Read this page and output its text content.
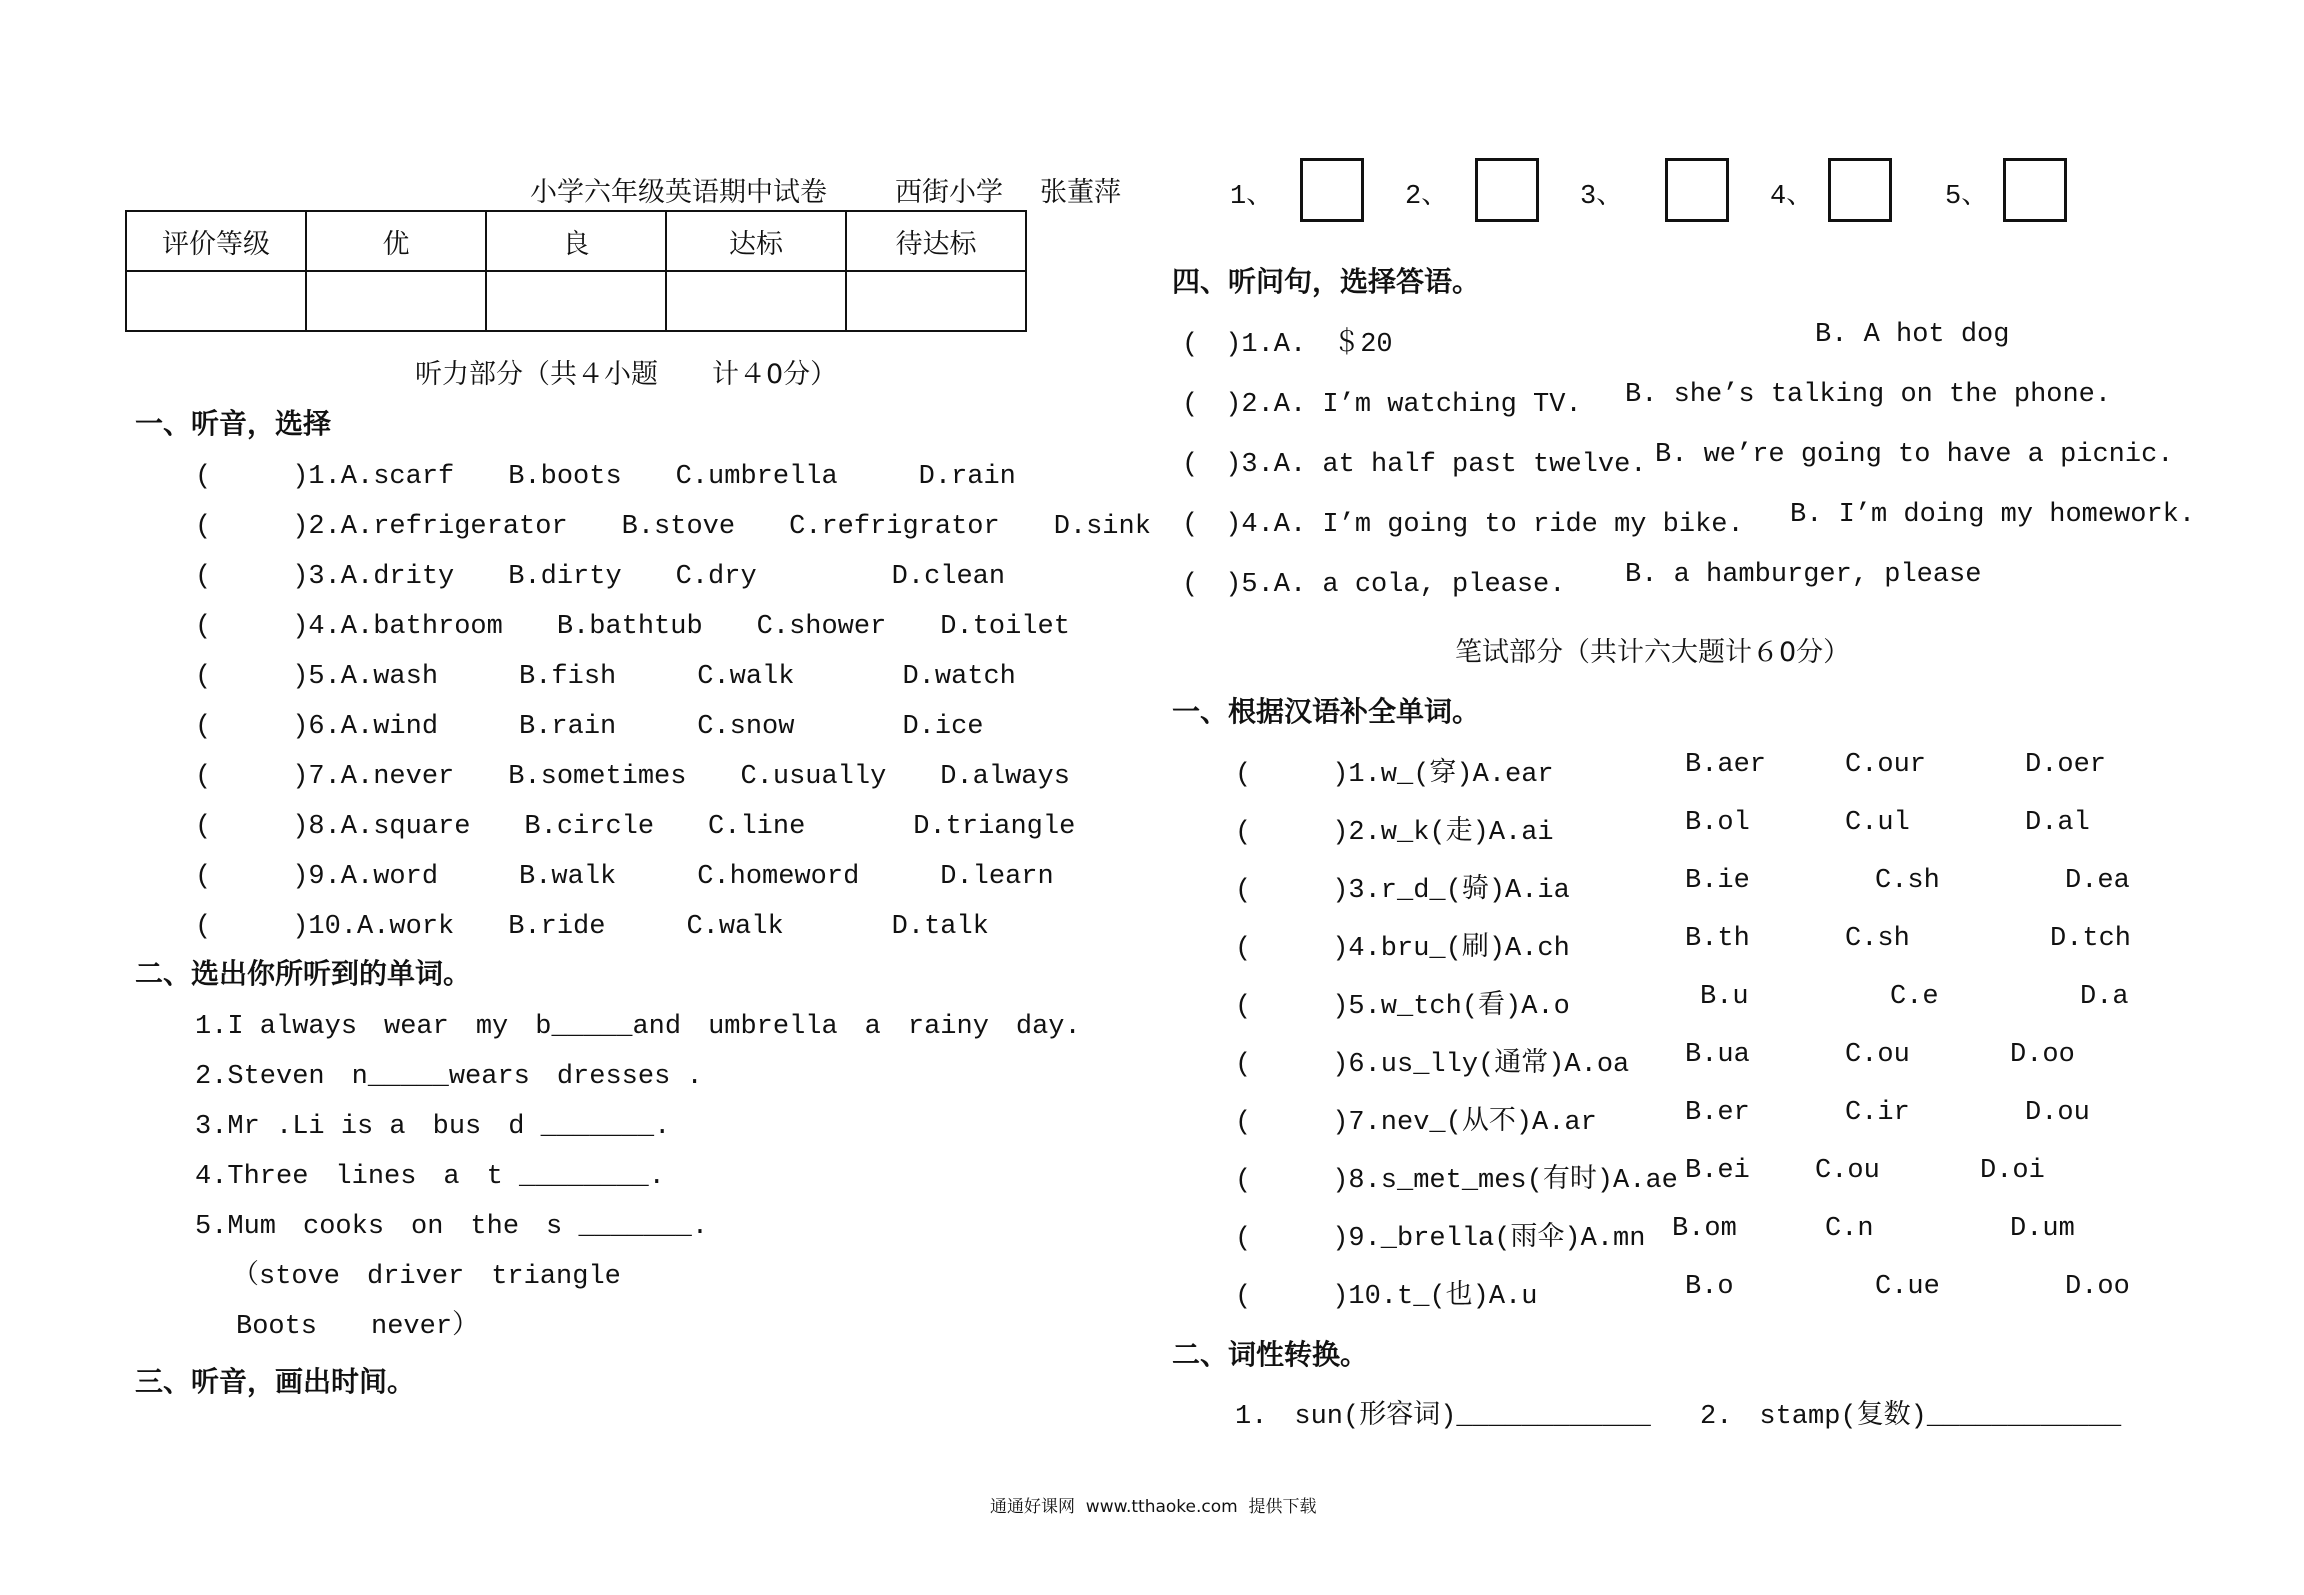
小学六年级英语期中试卷	西街小学 张董萍
评价等级	优	良	达标	待达标

听力部分（共４小题　　计４0分）
一、听音，选择
(　　　)1.A.scarf　　B.boots　　C.umbrella　　　D.rain
(　　　)2.A.refrigerator　　B.stove　　C.refrigrator　　D.sink
(　　　)3.A.drity　　B.dirty　　C.dry　　　　　D.clean
(　　　)4.A.bathroom　　B.bathtub　　C.shower　　D.toilet
(　　　)5.A.wash　　　B.fish　　　C.walk　　　　D.watch
(　　　)6.A.wind　　　B.rain　　　C.snow　　　　D.ice
(　　　)7.A.never　　B.sometimes　　C.usually　　D.always
(　　　)8.A.square　　B.circle　　C.line　　　　D.triangle
(　　　)9.A.word　　　B.walk　　　C.homeword　　　D.learn
(　　　)10.A.work　　B.ride　　　C.walk　　　　D.talk
二、选出你所听到的单词。
1.I always　wear　my　b_____and　umbrella　a　rainy　day.
2.Steven　n_____wears　dresses .
3.Mr .Li is a　bus　d _______.
4.Three　lines　a　t ________.
5.Mum　cooks　on　the　s _______.
（stove　driver　triangle
Boots　　never）
三、听音，画出时间。
1、	2、	3、	4、	5、
四、听问句，选择答语。
(　)1.A.　＄20	B. A hot dog
(　)2.A. I’m watching TV. B. she’s talking on the phone.
(　)3.A. at half past twelve. B. we’re going to have a picnic.
(　)4.A. I’m going to ride my bike. B. I’m doing my homework.
(　)5.A. a cola, please. B. a hamburger, please
笔试部分（共计六大题计６0分）
一、根据汉语补全单词。
(　　　)1.w_(穿)A.ear	B.aer	C.our	D.oer
(　　　)2.w_k(走)A.ai	B.ol	C.ul	D.al
(　　　)3.r_d_(骑)A.ia	B.ie	C.sh	D.ea
(　　　)4.bru_(刷)A.ch	B.th	C.sh	D.tch
(　　　)5.w_tch(看)A.o	B.u	C.e	D.a
(　　　)6.us_lly(通常)A.oa B.ua	C.ou	D.oo
(　　　)7.nev_(从不)A.ar	B.er	C.ir	D.ou
(　　　)8.s_met_mes(有时)A.ae B.ei C.ou	D.oi
(　　　)9._brella(雨伞)A.mn B.om	C.n	D.um
(　　　)10.t_(也)A.u	B.o	C.ue	D.oo
二、词性转换。
1.　sun(形容词)____________ 2.　stamp(复数)____________
通通好课网  www.tthaoke.com  提供下载
